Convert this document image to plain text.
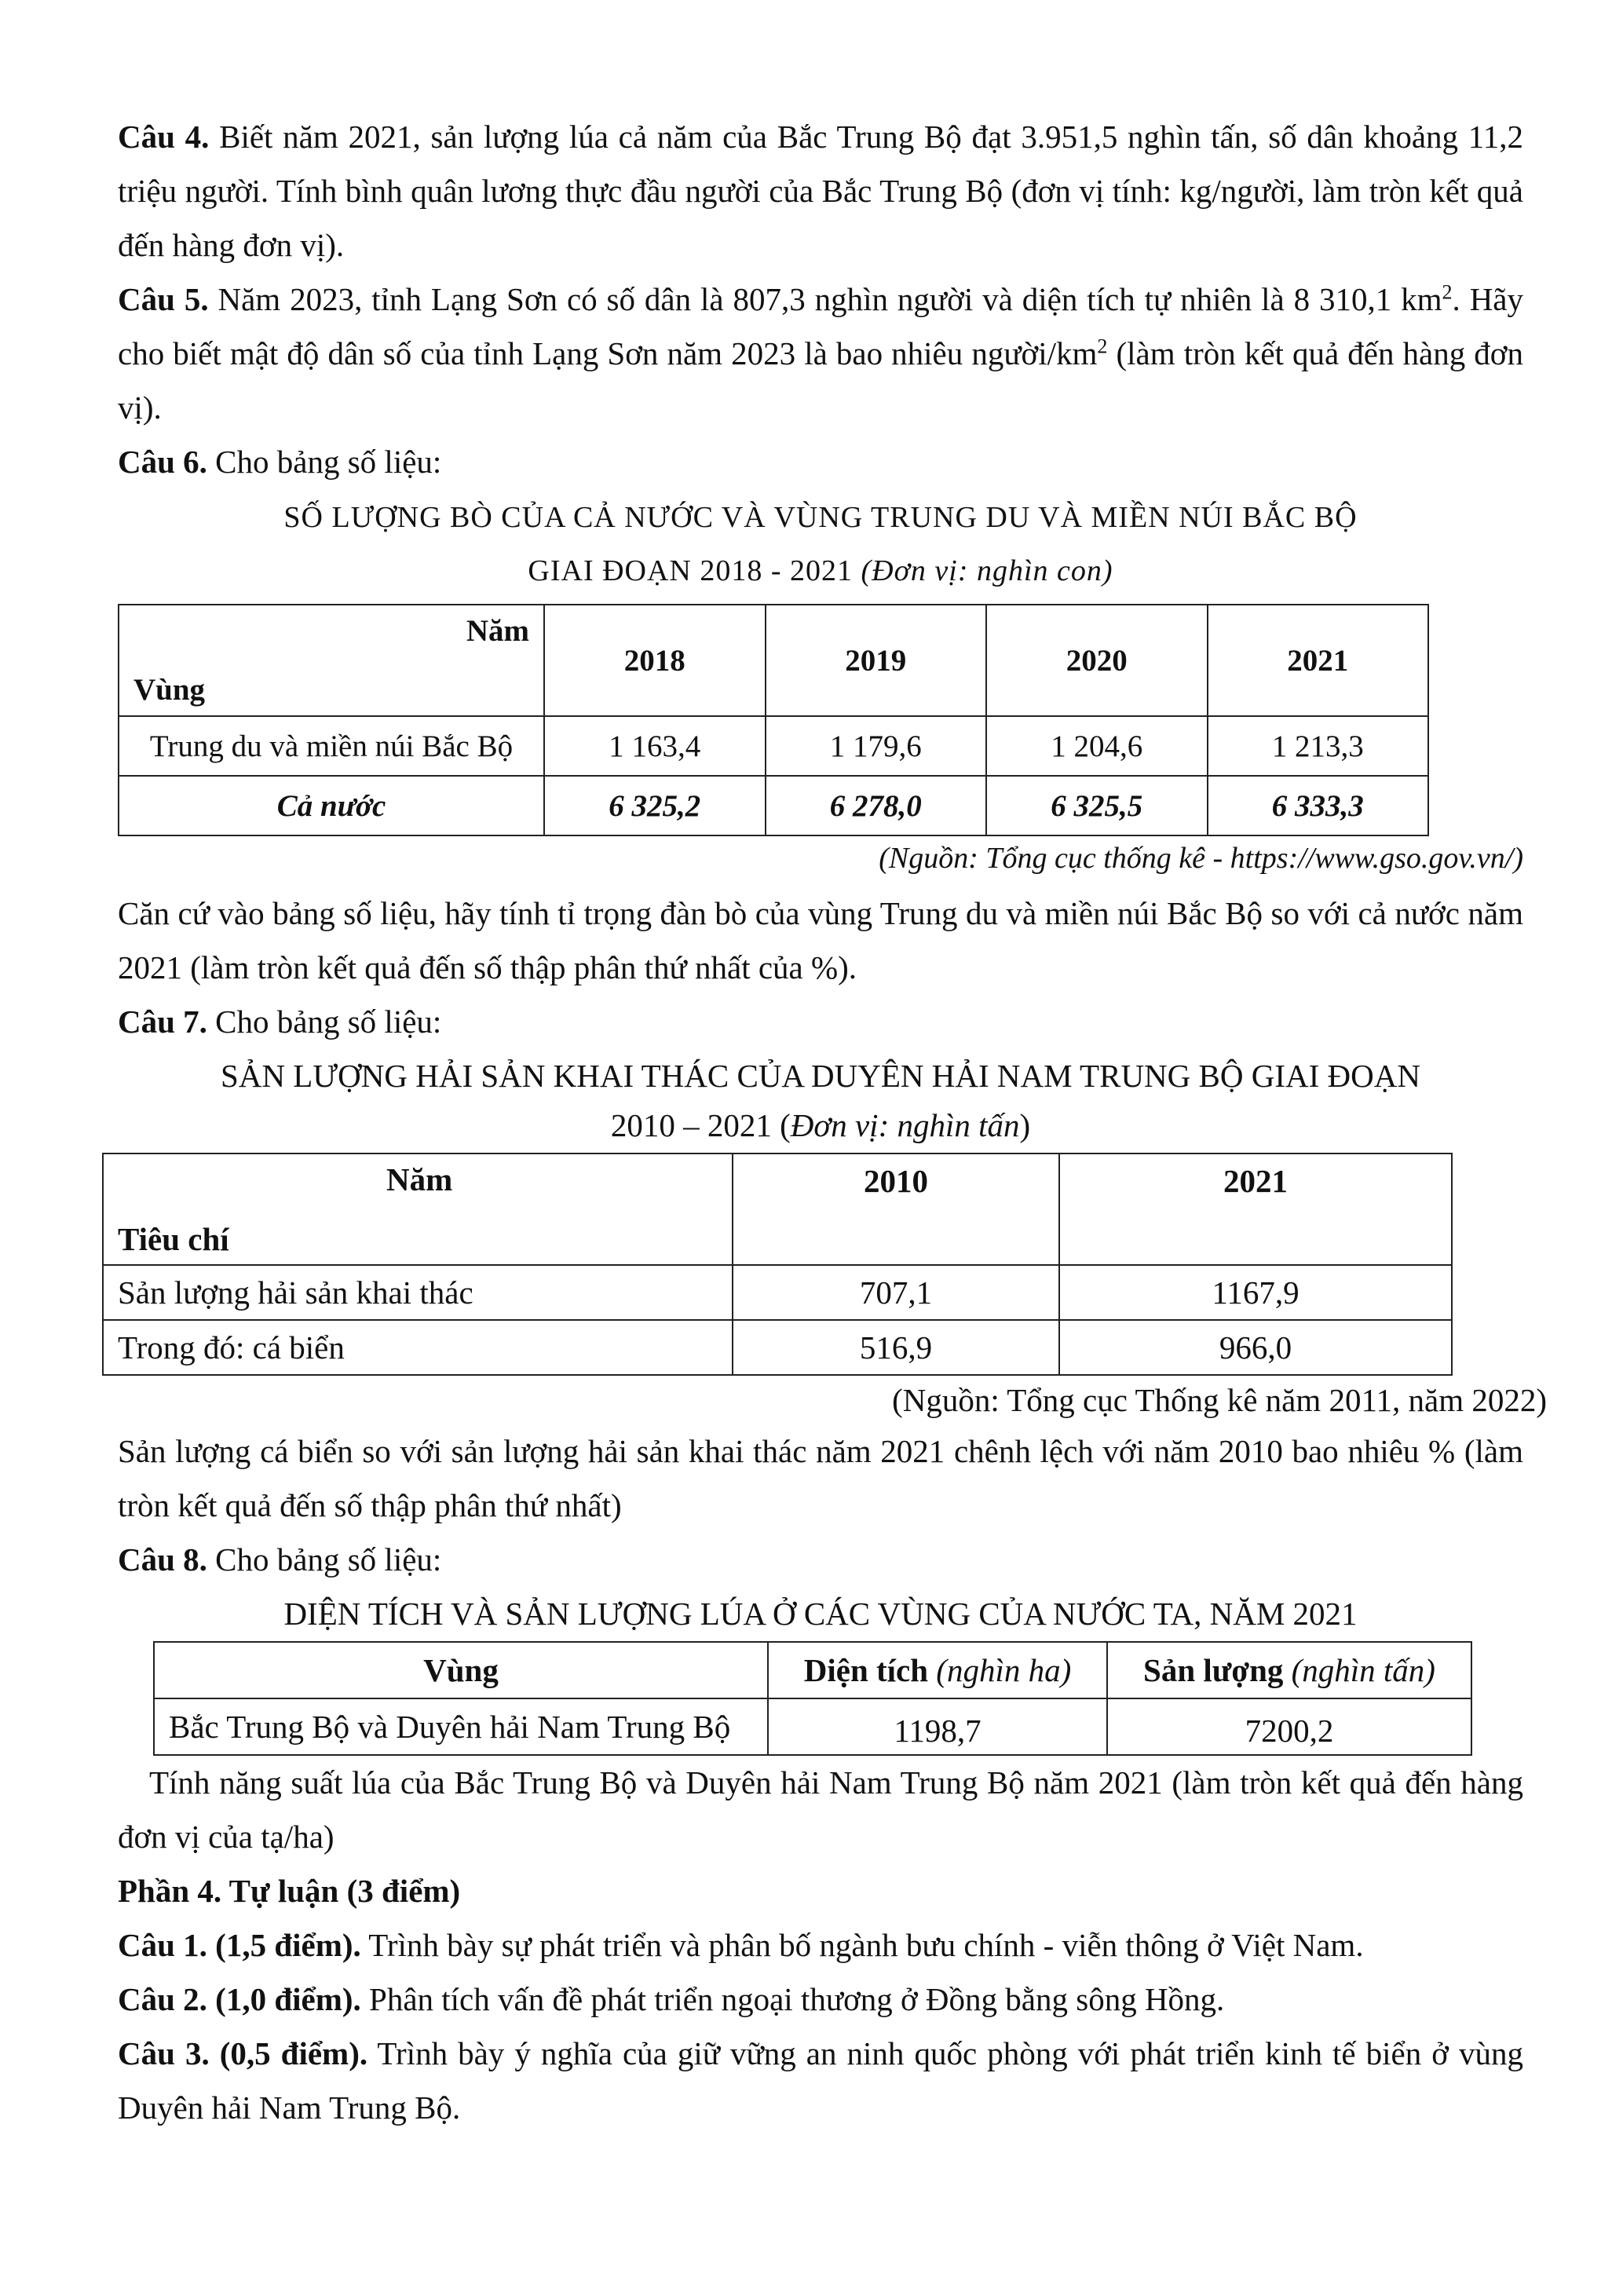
Câu 4. Biết năm 2021, sản lượng lúa cả năm của Bắc Trung Bộ đạt 3.951,5 nghìn tấn, số dân khoảng 11,2 triệu người. Tính bình quân lương thực đầu người của Bắc Trung Bộ (đơn vị tính: kg/người, làm tròn kết quả đến hàng đơn vị).

Câu 5. Năm 2023, tỉnh Lạng Sơn có số dân là 807,3 nghìn người và diện tích tự nhiên là 8 310,1 $km^2$. Hãy cho biết mật độ dân số của tỉnh Lạng Sơn năm 2023 là bao nhiêu người/$km^2$ (làm tròn kết quả đến hàng đơn vị).

Câu 6. Cho bảng số liệu:

SỐ LƯỢNG BÒ CỦA CẢ NƯỚC VÀ VÙNG TRUNG DU VÀ MIỀN NÚI BẮC BỘ

GIAI ĐOẠN 2018 - 2021 (Đơn vị: nghìn con)

Năm
Vùng	2018	2019	2020	2021
Trung du và miền núi Bắc Bộ	1 163,4	1 179,6	1 204,6	1 213,3
Cả nước	6 325,2	6 278,0	6 325,5	6 333,3

(Nguồn: Tổng cục thống kê - https://www.gso.gov.vn/)

Căn cứ vào bảng số liệu, hãy tính tỉ trọng đàn bò của vùng Trung du và miền núi Bắc Bộ so với cả nước năm 2021 (làm tròn kết quả đến số thập phân thứ nhất của %).

Câu 7. Cho bảng số liệu:

SẢN LƯỢNG HẢI SẢN KHAI THÁC CỦA DUYÊN HẢI NAM TRUNG BỘ GIAI ĐOẠN

2010 – 2021 (Đơn vị: nghìn tấn)

Năm
Tiêu chí	2010	2021
Sản lượng hải sản khai thác	707,1	1167,9
Trong đó: cá biển	516,9	966,0

(Nguồn: Tổng cục Thống kê năm 2011, năm 2022)

Sản lượng cá biển so với sản lượng hải sản khai thác năm 2021 chênh lệch với năm 2010 bao nhiêu % (làm tròn kết quả đến số thập phân thứ nhất)

Câu 8. Cho bảng số liệu:

DIỆN TÍCH VÀ SẢN LƯỢNG LÚA Ở CÁC VÙNG CỦA NƯỚC TA, NĂM 2021

Vùng	Diện tích (nghìn ha)	Sản lượng (nghìn tấn)
Bắc Trung Bộ và Duyên hải Nam Trung Bộ	1198,7	7200,2

Tính năng suất lúa của Bắc Trung Bộ và Duyên hải Nam Trung Bộ năm 2021 (làm tròn kết quả đến hàng đơn vị của tạ/ha)

Phần 4. Tự luận (3 điểm)

Câu 1. (1,5 điểm). Trình bày sự phát triển và phân bố ngành bưu chính - viễn thông ở Việt Nam.

Câu 2. (1,0 điểm). Phân tích vấn đề phát triển ngoại thương ở Đồng bằng sông Hồng.

Câu 3. (0,5 điểm). Trình bày ý nghĩa của giữ vững an ninh quốc phòng với phát triển kinh tế biển ở vùng Duyên hải Nam Trung Bộ.
